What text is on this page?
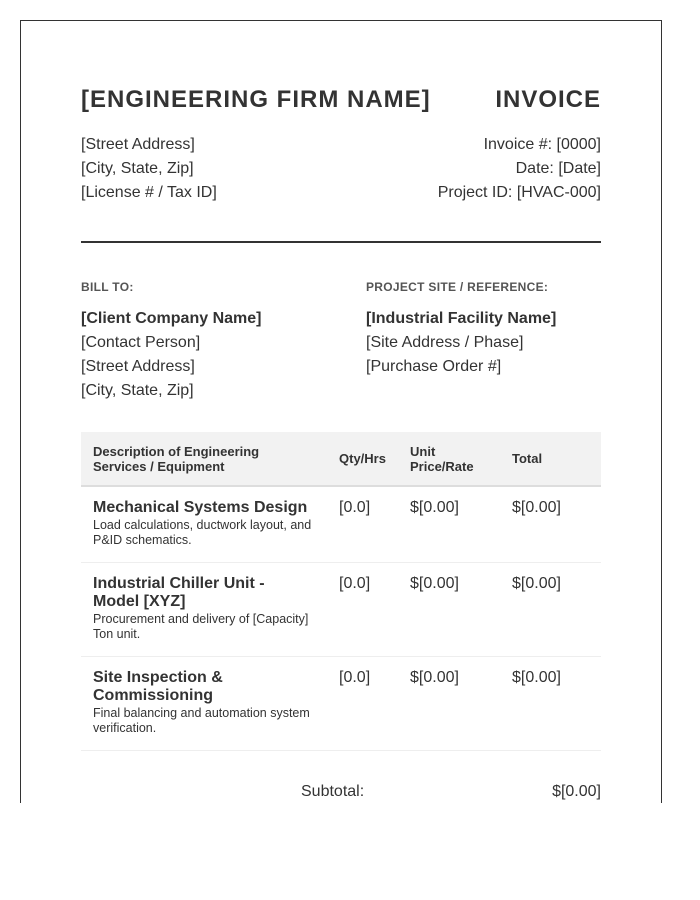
[ENGINEERING FIRM NAME]	INVOICE
[Street Address]
[City, State, Zip]
[License # / Tax ID]
Invoice #: [0000]
Date: [Date]
Project ID: [HVAC-000]
BILL TO:
[Client Company Name]
[Contact Person]
[Street Address]
[City, State, Zip]
PROJECT SITE / REFERENCE:
[Industrial Facility Name]
[Site Address / Phase]
[Purchase Order #]
Description of Engineering Services / Equipment	Qty/Hrs	Unit Price/Rate	Total

Mechanical Systems Design
Load calculations, ductwork layout, and P&ID schematics.	[0.0]	$[0.00]	$[0.00]

Industrial Chiller Unit - Model [XYZ]
Procurement and delivery of [Capacity] Ton unit.	[0.0]	$[0.00]	$[0.00]

Site Inspection & Commissioning
Final balancing and automation system verification.	[0.0]	$[0.00]	$[0.00]
Subtotal:	$[0.00]
